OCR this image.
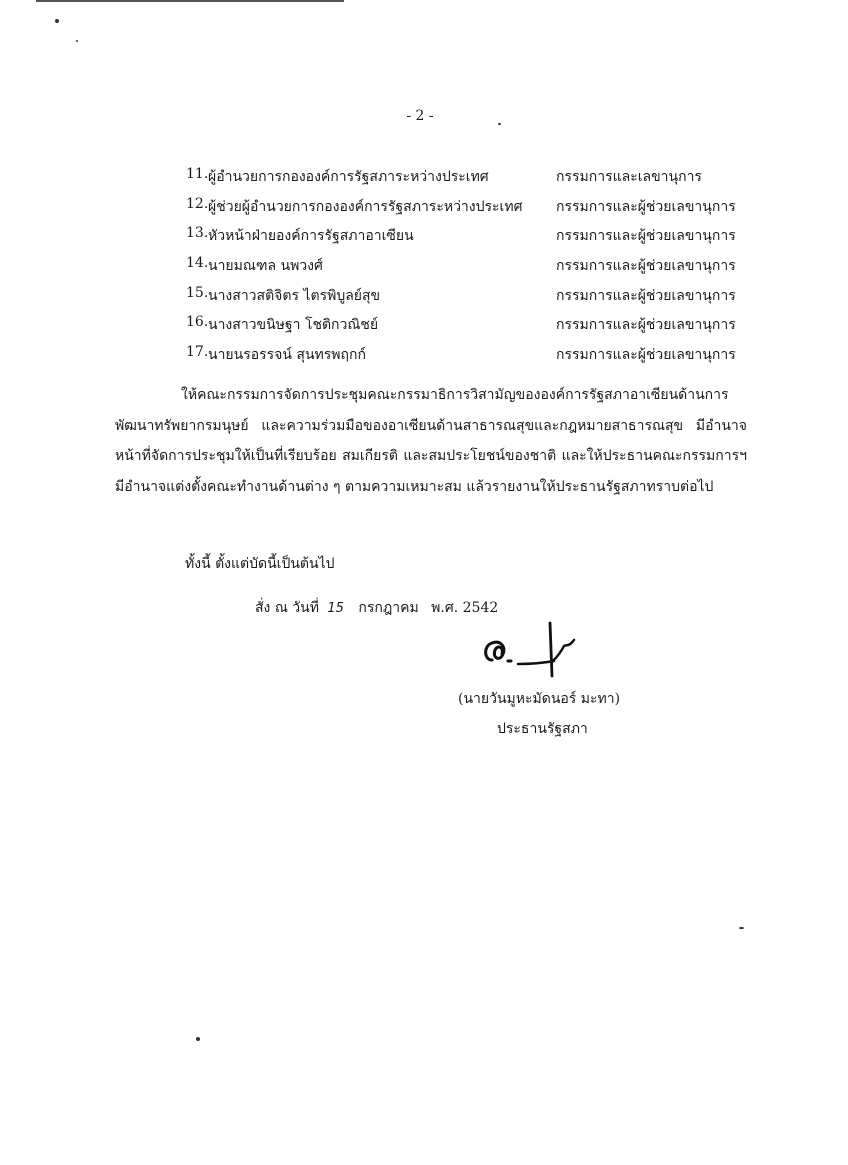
- 2 -
11. ผู้อำนวยการกององค์การรัฐสภาระหว่างประเทศ	กรรมการและเลขานุการ
12. ผู้ช่วยผู้อำนวยการกององค์การรัฐสภาระหว่างประเทศ กรรมการและผู้ช่วยเลขานุการ
13. หัวหน้าฝ่ายองค์การรัฐสภาอาเซียน	กรรมการและผู้ช่วยเลขานุการ
14. นายมณฑล นพวงศ์	กรรมการและผู้ช่วยเลขานุการ
15. นางสาวสติจิตร ไตรพิบูลย์สุข	กรรมการและผู้ช่วยเลขานุการ
16. นางสาวขนิษฐา โชติกวณิชย์	กรรมการและผู้ช่วยเลขานุการ
17. นายนรอรรจน์ สุนทรพฤกก์	กรรมการและผู้ช่วยเลขานุการ
ให้คณะกรรมการจัดการประชุมคณะกรรมาธิการวิสามัญขององค์การรัฐสภาอาเซียนด้านการพัฒนาทรัพยากรมนุษย์ และความร่วมมือของอาเซียนด้านสาธารณสุขและกฎหมายสาธารณสุข มีอำนาจหน้าที่จัดการประชุมให้เป็นที่เรียบร้อย สมเกียรติ และสมประโยชน์ของชาติ และให้ประธานคณะกรรมการฯ มีอำนาจแต่งตั้งคณะทำงานด้านต่าง ๆ ตามความเหมาะสม แล้วรายงานให้ประธานรัฐสภาทราบต่อไป
ทั้งนี้ ตั้งแต่บัดนี้เป็นต้นไป
สั่ง ณ วันที่ 15 กรกฎาคม พ.ศ. 2542
(นายวันมูหะมัดนอร์ มะทา)
ประธานรัฐสภา
